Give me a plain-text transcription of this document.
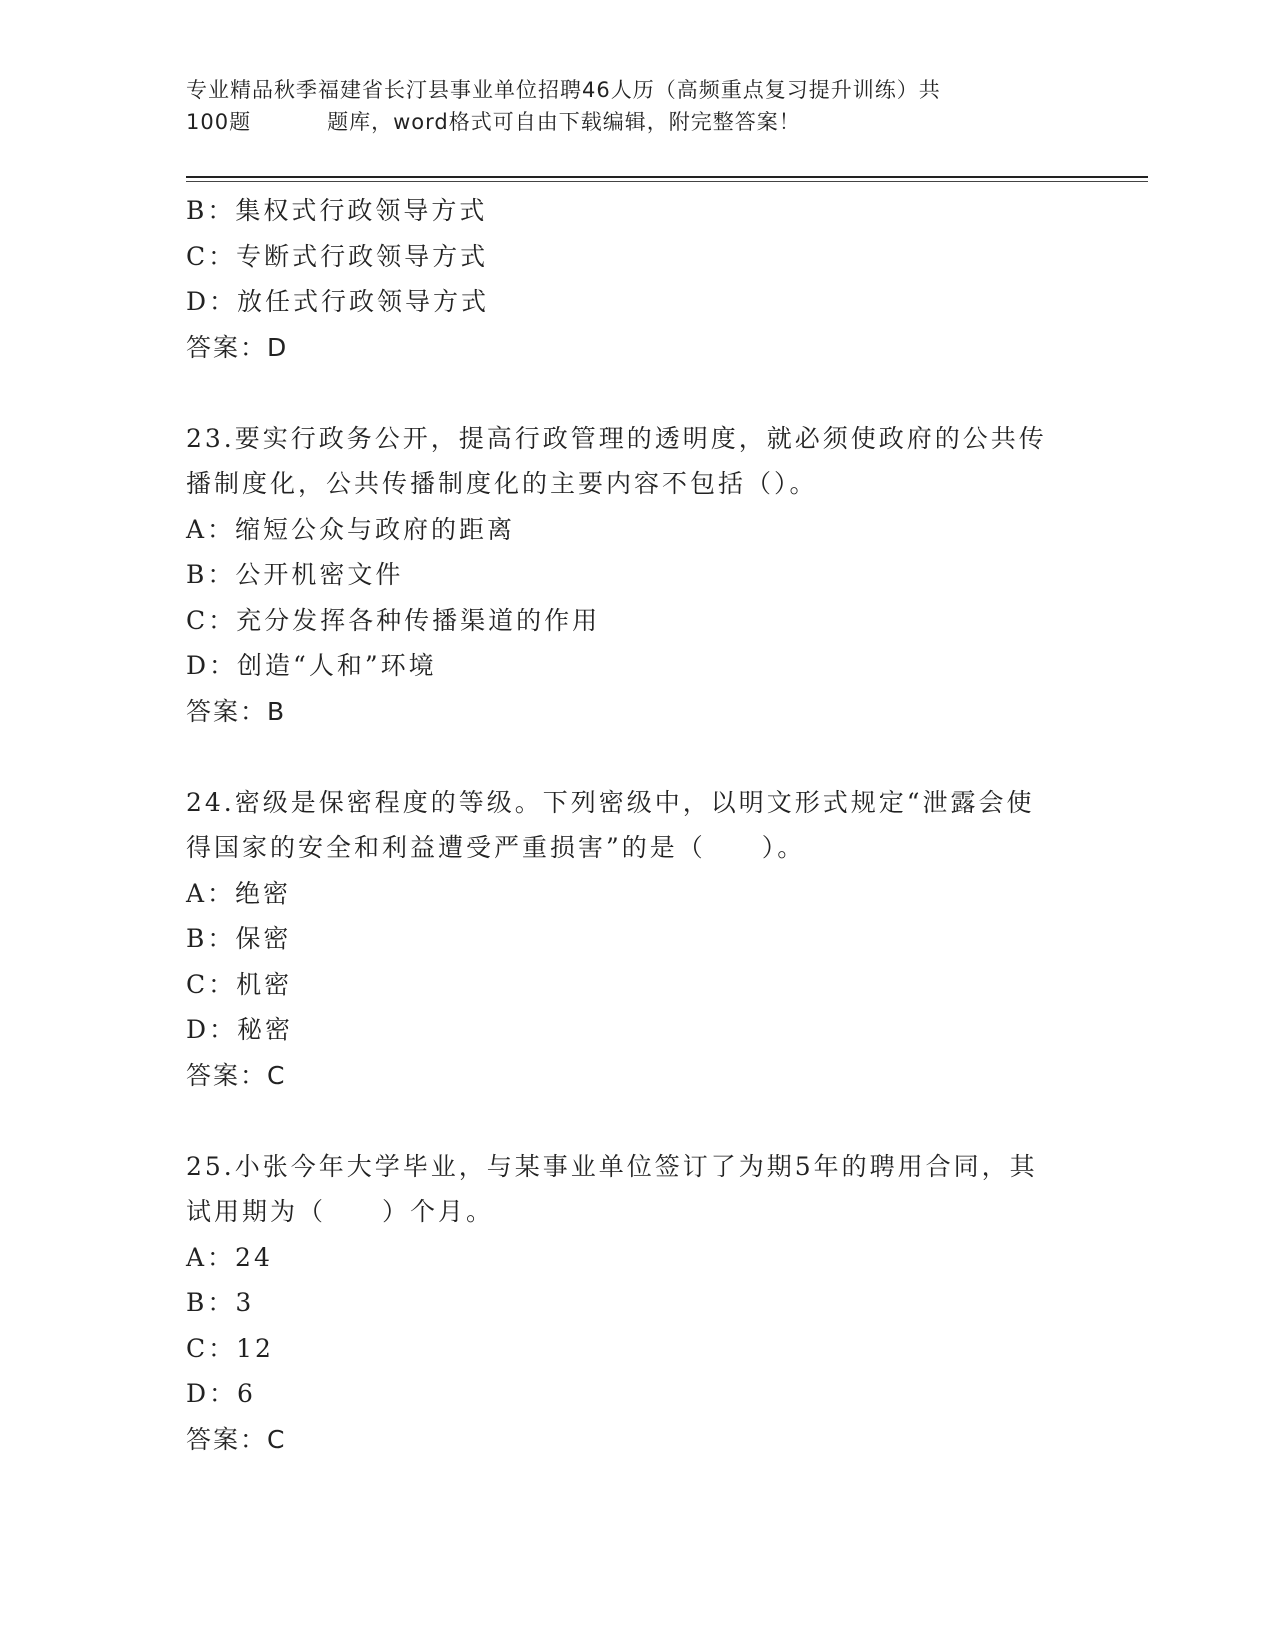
专业精品秋季福建省长汀县事业单位招聘46人历（高频重点复习提升训练）共
100题	题库，word格式可自由下载编辑，附完整答案！
B：集权式行政领导方式
C：专断式行政领导方式
D：放任式行政领导方式
答案：D
23.要实行政务公开，提高行政管理的透明度，就必须使政府的公共传
播制度化，公共传播制度化的主要内容不包括（）。
A：缩短公众与政府的距离
B：公开机密文件
C：充分发挥各种传播渠道的作用
D：创造“人和”环境
答案：B
24.密级是保密程度的等级。下列密级中，以明文形式规定“泄露会使
得国家的安全和利益遭受严重损害”的是（　　）。
A：绝密
B：保密
C：机密
D：秘密
答案：C
25.小张今年大学毕业，与某事业单位签订了为期5年的聘用合同，其
试用期为（　　）个月。
A：24
B：3
C：12
D：6
答案：C
